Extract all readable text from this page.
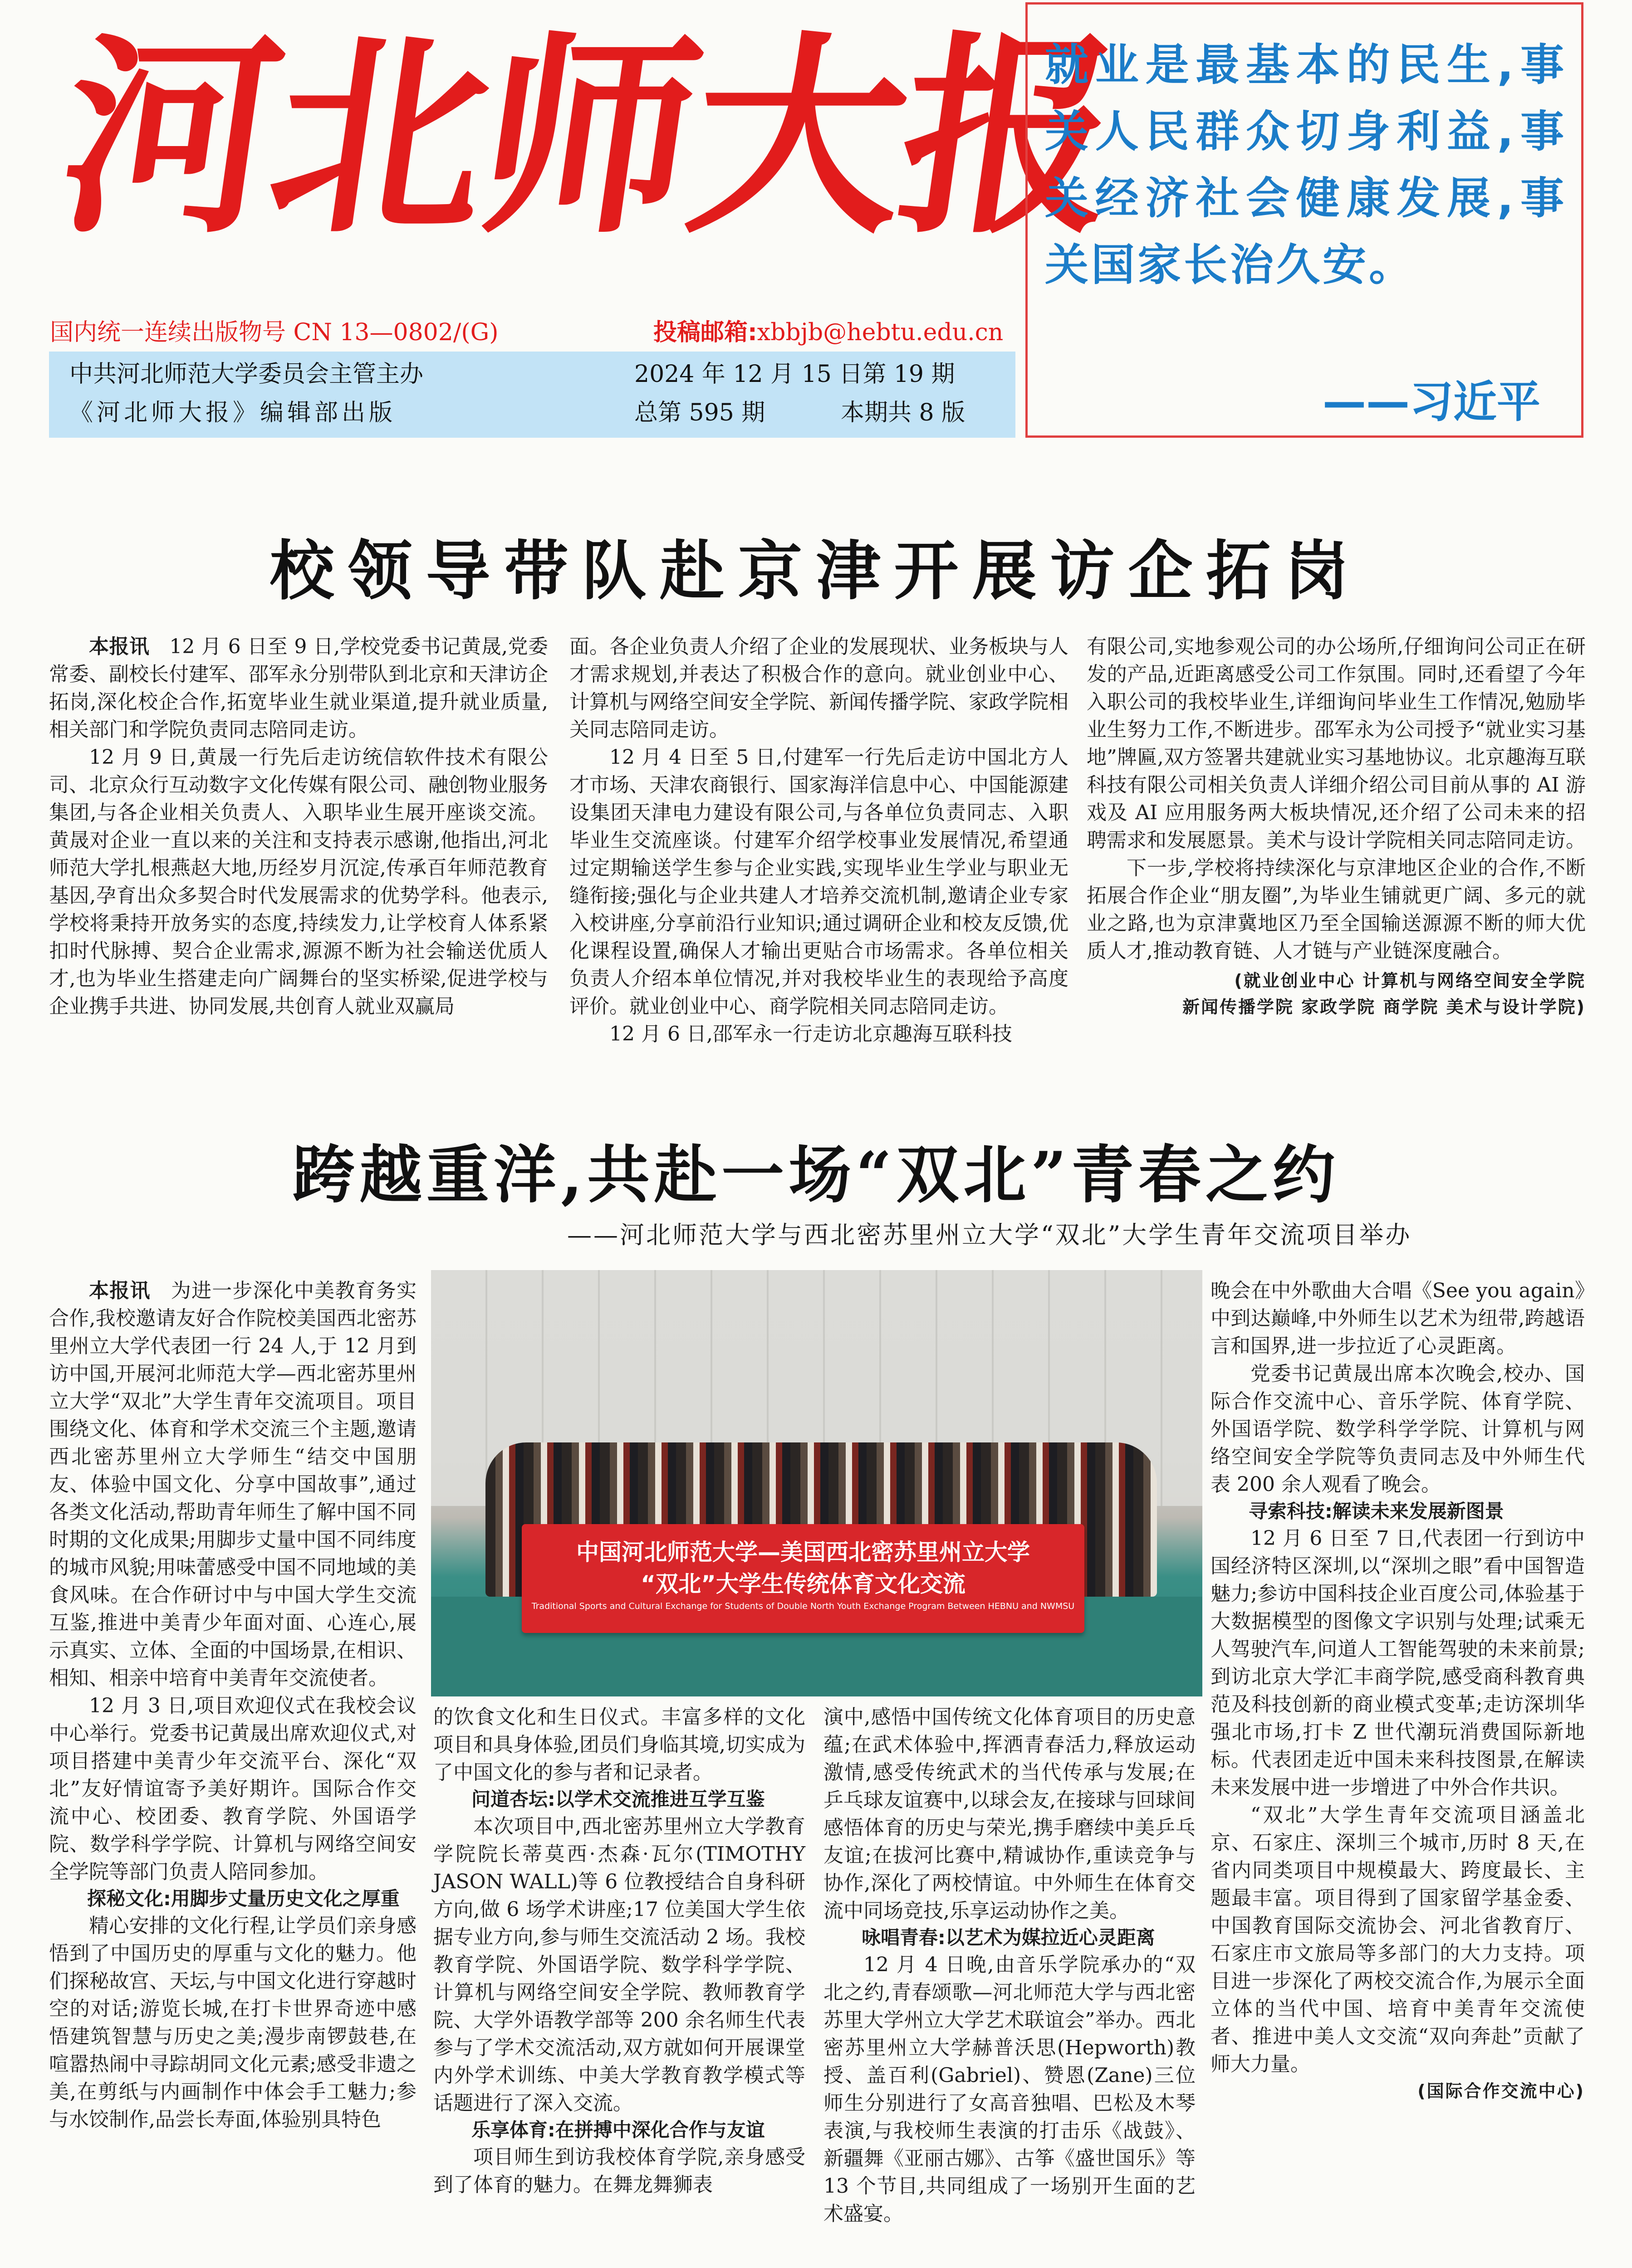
河北师大报
国内统一连续出版物号 CN 13—0802/(G)	投稿邮箱:xbbjb@hebtu.edu.cn
中共河北师范大学委员会主管主办	2024 年 12 月 15 日第 19 期
《河北师大报》编辑部出版	总第 595 期	本期共 8 版
就业是最基本的民生,事关人民群众切身利益,事关经济社会健康发展,事关国家长治久安。
——习近平
校领导带队赴京津开展访企拓岗

本报讯  12 月 6 日至 9 日,学校党委书记黄晟,党委常委、副校长付建军、邵军永分别带队到北京和天津访企拓岗,深化校企合作,拓宽毕业生就业渠道,提升就业质量,相关部门和学院负责同志陪同走访。

12 月 9 日,黄晟一行先后走访统信软件技术有限公司、北京众行互动数字文化传媒有限公司、融创物业服务集团,与各企业相关负责人、入职毕业生展开座谈交流。黄晟对企业一直以来的关注和支持表示感谢,他指出,河北师范大学扎根燕赵大地,历经岁月沉淀,传承百年师范教育基因,孕育出众多契合时代发展需求的优势学科。他表示,学校将秉持开放务实的态度,持续发力,让学校育人体系紧扣时代脉搏、契合企业需求,源源不断为社会输送优质人才,也为毕业生搭建走向广阔舞台的坚实桥梁,促进学校与企业携手共进、协同发展,共创育人就业双赢局

面。各企业负责人介绍了企业的发展现状、业务板块与人才需求规划,并表达了积极合作的意向。就业创业中心、计算机与网络空间安全学院、新闻传播学院、家政学院相关同志陪同走访。

12 月 4 日至 5 日,付建军一行先后走访中国北方人才市场、天津农商银行、国家海洋信息中心、中国能源建设集团天津电力建设有限公司,与各单位负责同志、入职毕业生交流座谈。付建军介绍学校事业发展情况,希望通过定期输送学生参与企业实践,实现毕业生学业与职业无缝衔接;强化与企业共建人才培养交流机制,邀请企业专家入校讲座,分享前沿行业知识;通过调研企业和校友反馈,优化课程设置,确保人才输出更贴合市场需求。各单位相关负责人介绍本单位情况,并对我校毕业生的表现给予高度评价。就业创业中心、商学院相关同志陪同走访。

12 月 6 日,邵军永一行走访北京趣海互联科技

有限公司,实地参观公司的办公场所,仔细询问公司正在研发的产品,近距离感受公司工作氛围。同时,还看望了今年入职公司的我校毕业生,详细询问毕业生工作情况,勉励毕业生努力工作,不断进步。邵军永为公司授予“就业实习基地”牌匾,双方签署共建就业实习基地协议。北京趣海互联科技有限公司相关负责人详细介绍公司目前从事的 AI 游戏及 AI 应用服务两大板块情况,还介绍了公司未来的招聘需求和发展愿景。美术与设计学院相关同志陪同走访。

下一步,学校将持续深化与京津地区企业的合作,不断拓展合作企业“朋友圈”,为毕业生铺就更广阔、多元的就业之路,也为京津冀地区乃至全国输送源源不断的师大优质人才,推动教育链、人才链与产业链深度融合。

(就业创业中心 计算机与网络空间安全学院

新闻传播学院 家政学院 商学院 美术与设计学院)

跨越重洋,共赴一场“双北”青春之约
——河北师范大学与西北密苏里州立大学“双北”大学生青年交流项目举办
中国河北师范大学—美国西北密苏里州立大学
“双北”大学生传统体育文化交流
Traditional Sports and Cultural Exchange for Students of Double North Youth Exchange Program Between HEBNU and NWMSU

本报讯  为进一步深化中美教育务实合作,我校邀请友好合作院校美国西北密苏里州立大学代表团一行 24 人,于 12 月到访中国,开展河北师范大学—西北密苏里州立大学“双北”大学生青年交流项目。项目围绕文化、体育和学术交流三个主题,邀请西北密苏里州立大学师生“结交中国朋友、体验中国文化、分享中国故事”,通过各类文化活动,帮助青年师生了解中国不同时期的文化成果;用脚步丈量中国不同纬度的城市风貌;用味蕾感受中国不同地域的美食风味。在合作研讨中与中国大学生交流互鉴,推进中美青少年面对面、心连心,展示真实、立体、全面的中国场景,在相识、相知、相亲中培育中美青年交流使者。

12 月 3 日,项目欢迎仪式在我校会议中心举行。党委书记黄晟出席欢迎仪式,对项目搭建中美青少年交流平台、深化“双北”友好情谊寄予美好期许。国际合作交流中心、校团委、教育学院、外国语学院、数学科学学院、计算机与网络空间安全学院等部门负责人陪同参加。

探秘文化:用脚步丈量历史文化之厚重

精心安排的文化行程,让学员们亲身感悟到了中国历史的厚重与文化的魅力。他们探秘故宫、天坛,与中国文化进行穿越时空的对话;游览长城,在打卡世界奇迹中感悟建筑智慧与历史之美;漫步南锣鼓巷,在喧嚣热闹中寻踪胡同文化元素;感受非遗之美,在剪纸与内画制作中体会手工魅力;参与水饺制作,品尝长寿面,体验别具特色

的饮食文化和生日仪式。丰富多样的文化项目和具身体验,团员们身临其境,切实成为了中国文化的参与者和记录者。

问道杏坛:以学术交流推进互学互鉴

本次项目中,西北密苏里州立大学教育学院院长蒂莫西·杰森·瓦尔(TIMOTHY JASON WALL)等 6 位教授结合自身科研方向,做 6 场学术讲座;17 位美国大学生依据专业方向,参与师生交流活动 2 场。我校教育学院、外国语学院、数学科学学院、计算机与网络空间安全学院、教师教育学院、大学外语教学部等 200 余名师生代表参与了学术交流活动,双方就如何开展课堂内外学术训练、中美大学教育教学模式等话题进行了深入交流。

乐享体育:在拼搏中深化合作与友谊

项目师生到访我校体育学院,亲身感受到了体育的魅力。在舞龙舞狮表

演中,感悟中国传统文化体育项目的历史意蕴;在武术体验中,挥洒青春活力,释放运动激情,感受传统武术的当代传承与发展;在乒乓球友谊赛中,以球会友,在接球与回球间感悟体育的历史与荣光,携手磨续中美乒乓友谊;在拔河比赛中,精诚协作,重读竞争与协作,深化了两校情谊。中外师生在体育交流中同场竞技,乐享运动协作之美。

咏唱青春:以艺术为媒拉近心灵距离

12 月 4 日晚,由音乐学院承办的“双北之约,青春颂歌—河北师范大学与西北密苏里大学州立大学艺术联谊会”举办。西北密苏里州立大学赫普沃思(Hepworth)教授、盖百利(Gabriel)、赞恩(Zane)三位师生分别进行了女高音独唱、巴松及木琴表演,与我校师生表演的打击乐《战鼓》、新疆舞《亚丽古娜》、古筝《盛世国乐》等 13 个节目,共同组成了一场别开生面的艺术盛宴。

晚会在中外歌曲大合唱《See you again》中到达巅峰,中外师生以艺术为纽带,跨越语言和国界,进一步拉近了心灵距离。

党委书记黄晟出席本次晚会,校办、国际合作交流中心、音乐学院、体育学院、外国语学院、数学科学学院、计算机与网络空间安全学院等负责同志及中外师生代表 200 余人观看了晚会。

寻索科技:解读未来发展新图景

12 月 6 日至 7 日,代表团一行到访中国经济特区深圳,以“深圳之眼”看中国智造魅力;参访中国科技企业百度公司,体验基于大数据模型的图像文字识别与处理;试乘无人驾驶汽车,问道人工智能驾驶的未来前景;到访北京大学汇丰商学院,感受商科教育典范及科技创新的商业模式变革;走访深圳华强北市场,打卡 Z 世代潮玩消费国际新地标。代表团走近中国未来科技图景,在解读未来发展中进一步增进了中外合作共识。

“双北”大学生青年交流项目涵盖北京、石家庄、深圳三个城市,历时 8 天,在省内同类项目中规模最大、跨度最长、主题最丰富。项目得到了国家留学基金委、中国教育国际交流协会、河北省教育厅、石家庄市文旅局等多部门的大力支持。项目进一步深化了两校交流合作,为展示全面立体的当代中国、培育中美青年交流使者、推进中美人文交流“双向奔赴”贡献了师大力量。

(国际合作交流中心)
